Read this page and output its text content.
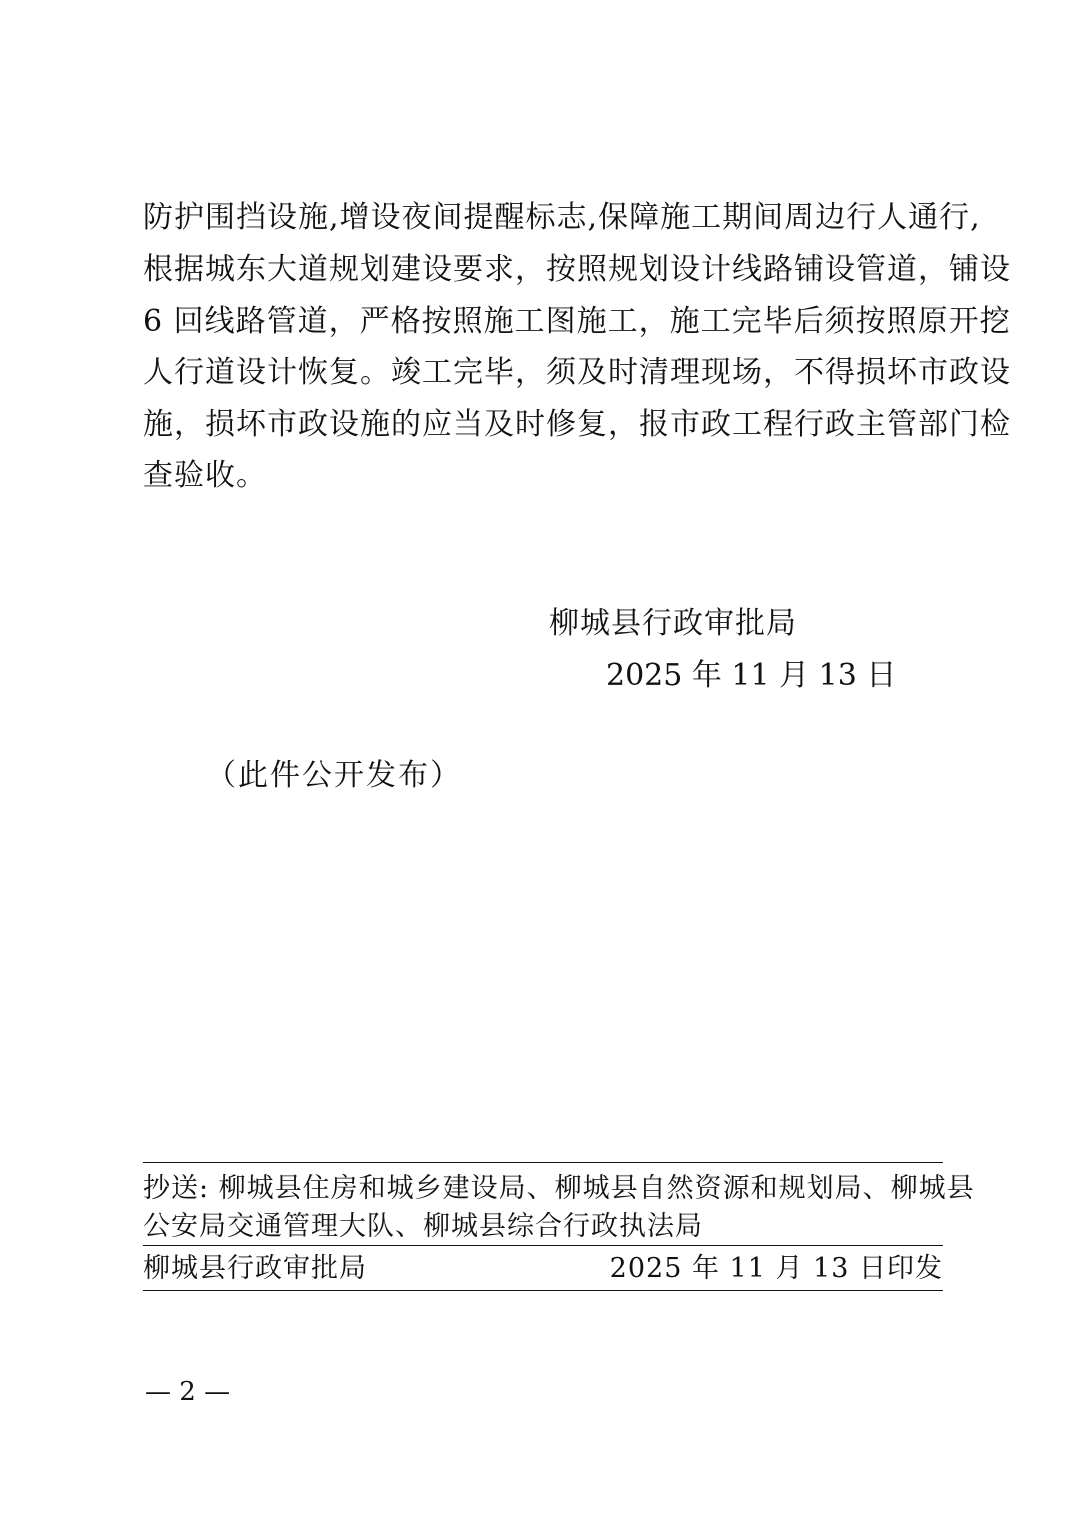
防护围挡设施,增设夜间提醒标志,保障施工期间周边行人通行,
根据城东大道规划建设要求，按照规划设计线路铺设管道，铺设
6 回线路管道，严格按照施工图施工，施工完毕后须按照原开挖
人行道设计恢复。竣工完毕，须及时清理现场，不得损坏市政设
施，损坏市政设施的应当及时修复，报市政工程行政主管部门检
查验收。
柳城县行政审批局
2025 年 11 月 13 日
（此件公开发布）
抄送: 柳城县住房和城乡建设局、柳城县自然资源和规划局、柳城县
公安局交通管理大队、柳城县综合行政执法局
柳城县行政审批局	2025 年 11 月 13 日印发
— 2 —
